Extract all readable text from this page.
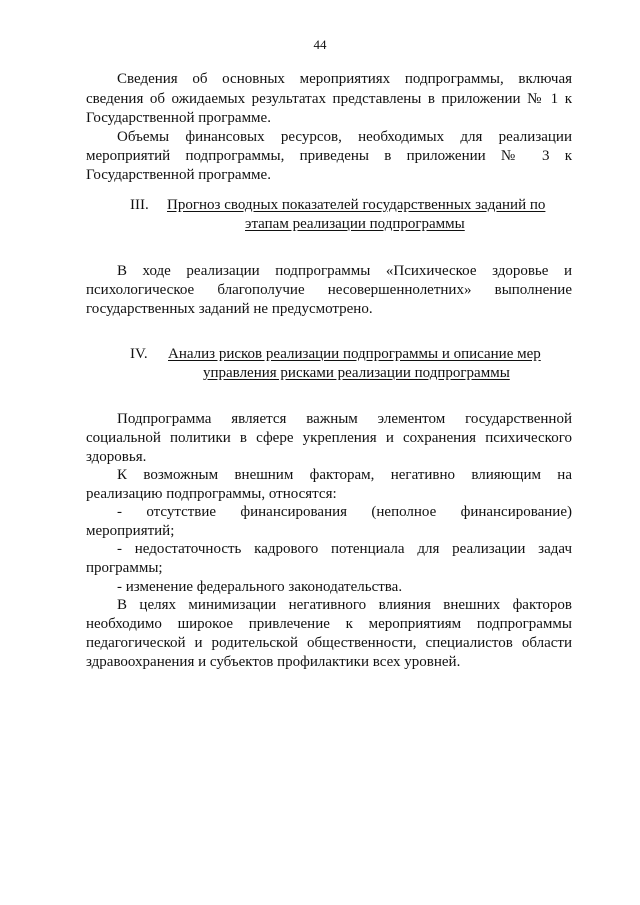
44
Сведения об основных мероприятиях подпрограммы, включая
сведения об ожидаемых результатах представлены в приложении № 1 к
Государственной программе.
Объемы финансовых ресурсов, необходимых для реализации
мероприятий подпрограммы, приведены в приложении № 3 к
Государственной программе.
III. Прогноз сводных показателей государственных заданий по
этапам реализации подпрограммы
В ходе реализации подпрограммы «Психическое здоровье и
психологическое благополучие несовершеннолетних» выполнение
государственных заданий не предусмотрено.
IV. Анализ рисков реализации подпрограммы и описание мер
управления рисками реализации подпрограммы
Подпрограмма является важным элементом государственной
социальной политики в сфере укрепления и сохранения психического
здоровья.
К возможным внешним факторам, негативно влияющим на
реализацию подпрограммы, относятся:
- отсутствие финансирования (неполное финансирование)
мероприятий;
- недостаточность кадрового потенциала для реализации задач
программы;
- изменение федерального законодательства.
В целях минимизации негативного влияния внешних факторов
необходимо широкое привлечение к мероприятиям подпрограммы
педагогической и родительской общественности, специалистов области
здравоохранения и субъектов профилактики всех уровней.
